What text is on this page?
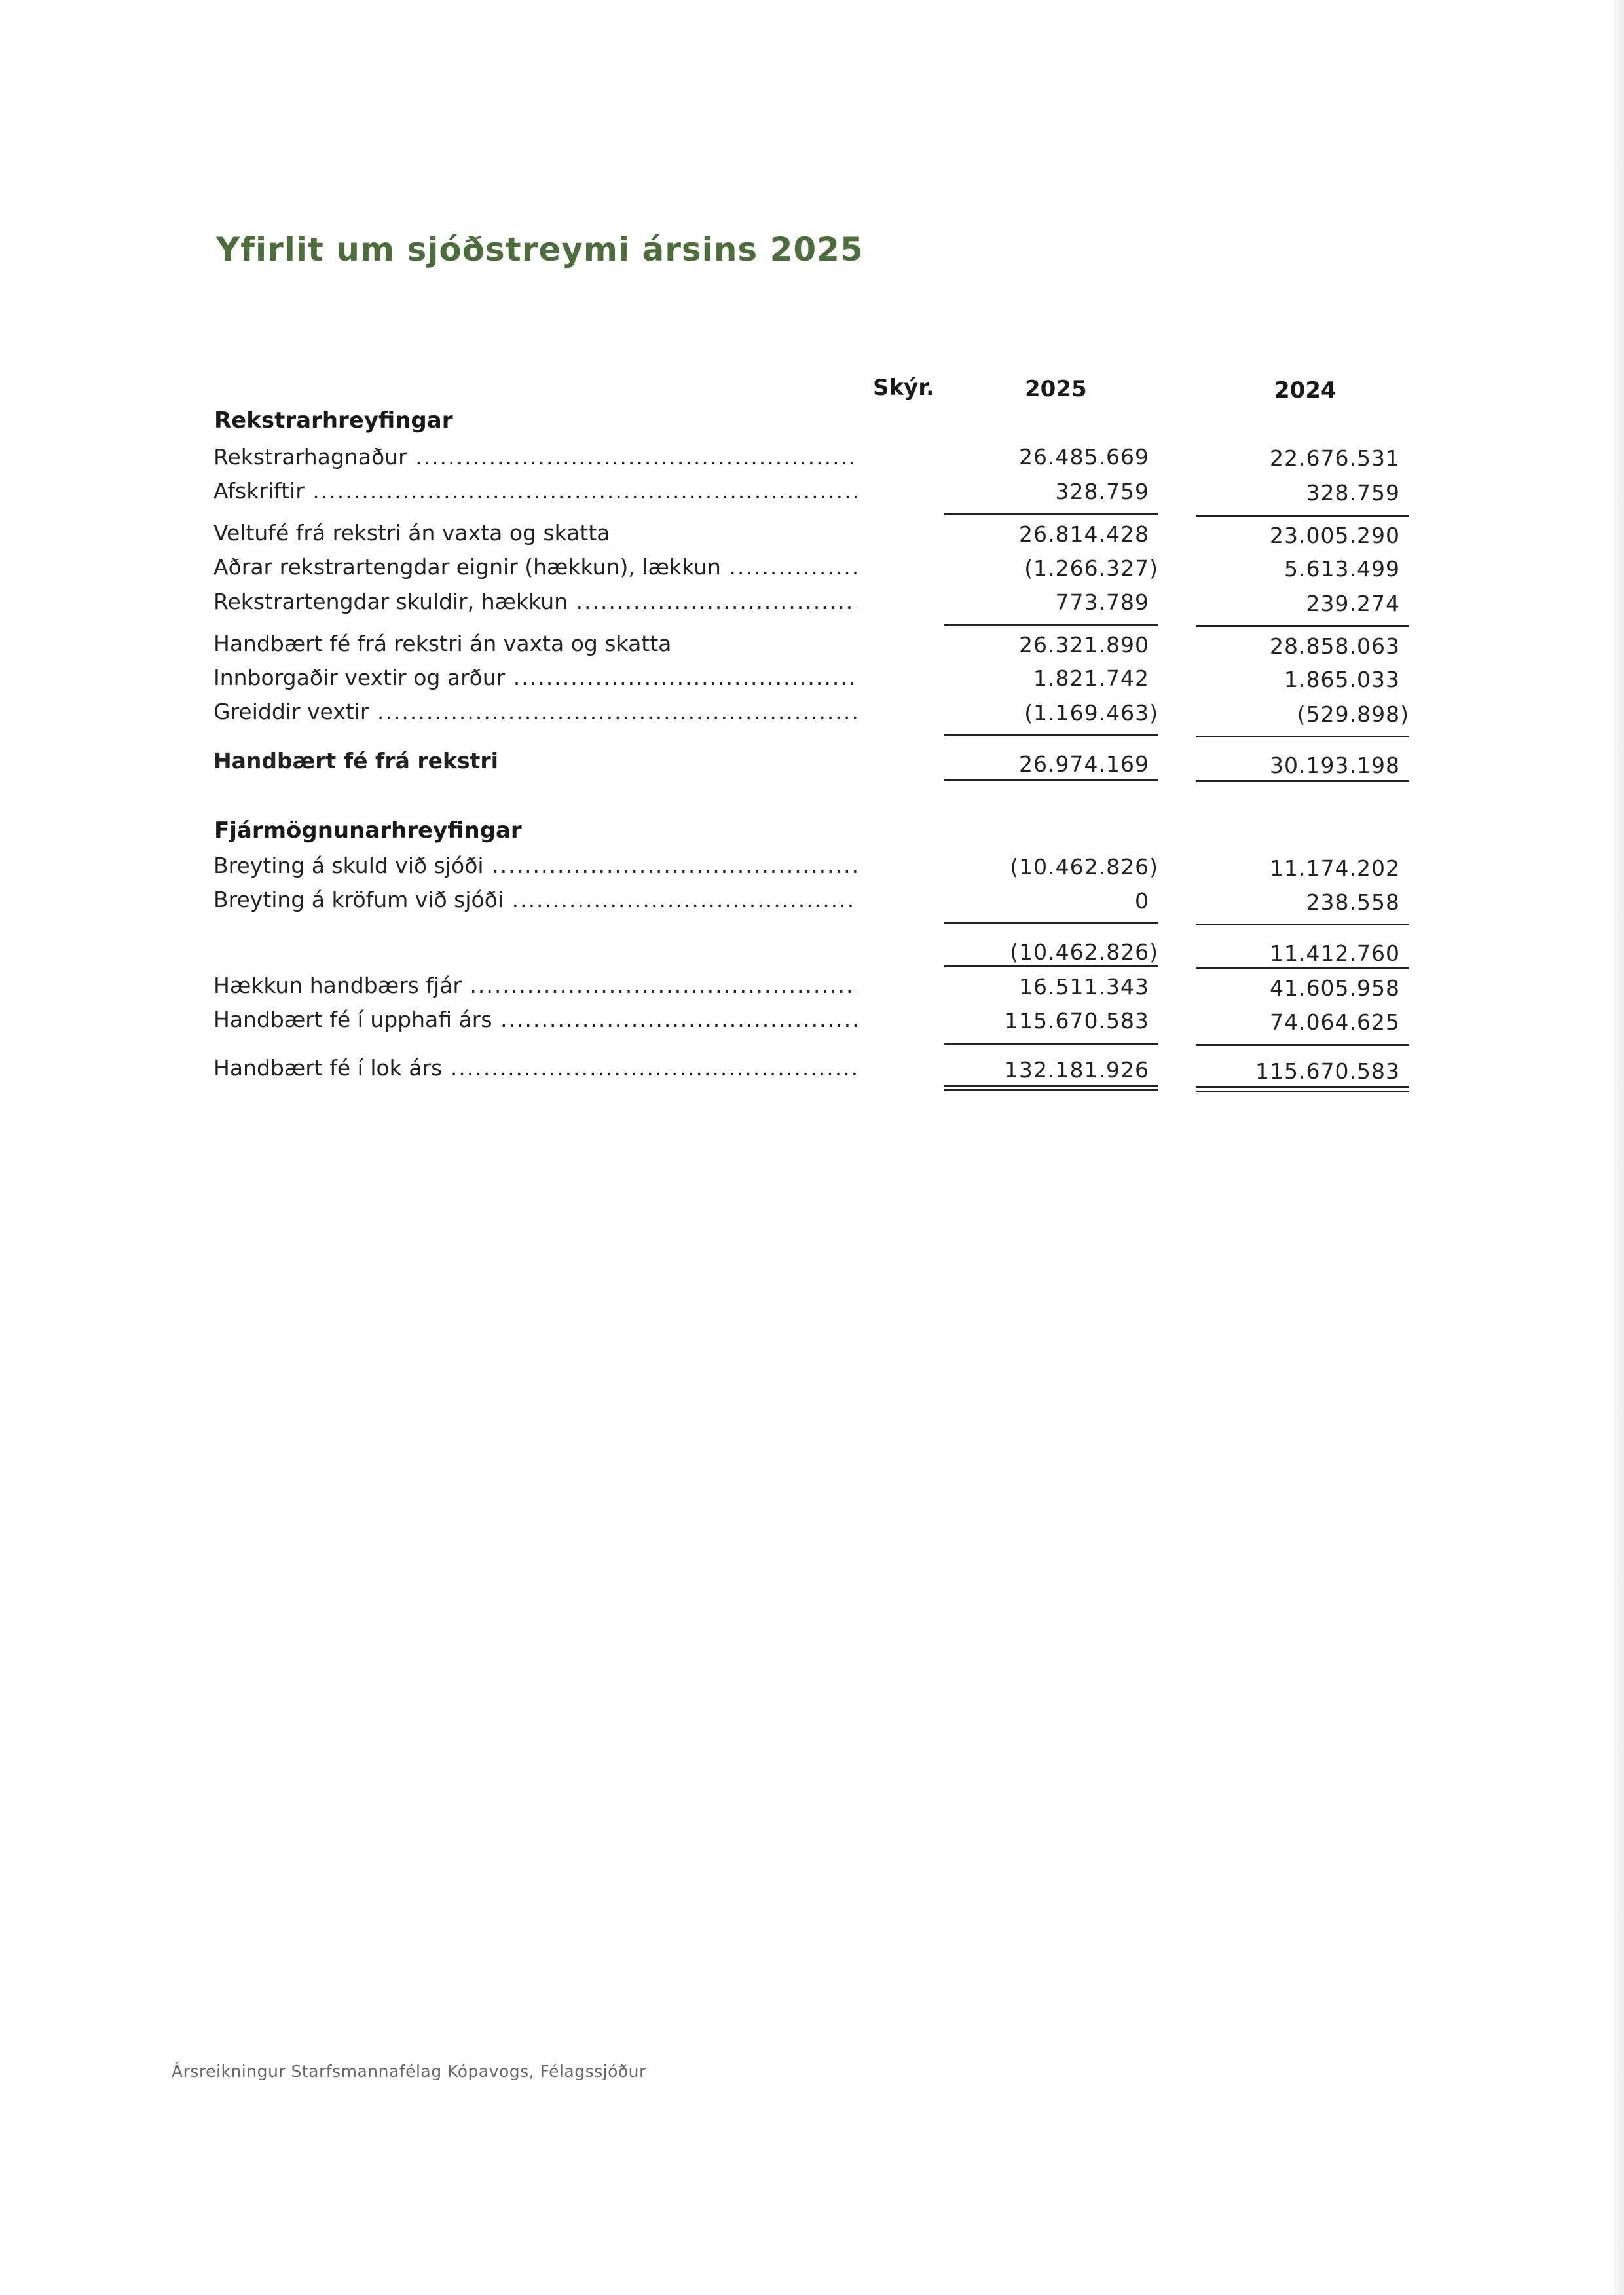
Yfirlit um sjóðstreymi ársins 2025
Skýr.	2025	2024
Rekstrarhreyfingar
Rekstrarhagnaður .....	26.485.669	22.676.531
Afskriftir .....	328.759	328.759
Veltufé frá rekstri án vaxta og skatta	26.814.428	23.005.290
Aðrar rekstrartengdar eignir (hækkun), lækkun .....	(1.266.327)	5.613.499
Rekstrartengdar skuldir, hækkun .....	773.789	239.274
Handbært fé frá rekstri án vaxta og skatta	26.321.890	28.858.063
Innborgaðir vextir og arður .....	1.821.742	1.865.033
Greiddir vextir .....	(1.169.463)	(529.898)
Handbært fé frá rekstri	26.974.169	30.193.198
Fjármögnunarhreyfingar
Breyting á skuld við sjóði .....	(10.462.826)	11.174.202
Breyting á kröfum við sjóði .....	0	238.558
(10.462.826)	11.412.760
Hækkun handbærs fjár .....	16.511.343	41.605.958
Handbært fé í upphafi árs .....	115.670.583	74.064.625
Handbært fé í lok árs .....	132.181.926	115.670.583
Ársreikningur Starfsmannafélag Kópavogs, Félagssjóður
